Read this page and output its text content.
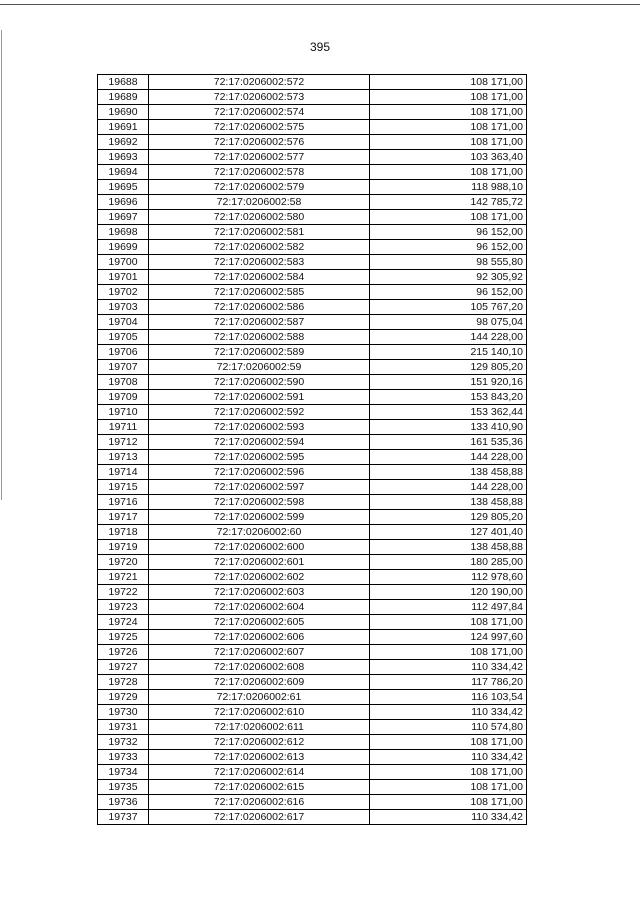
395
19688	72:17:0206002:572	108 171,00
19689	72:17:0206002:573	108 171,00
19690	72:17:0206002:574	108 171,00
19691	72:17:0206002:575	108 171,00
19692	72:17:0206002:576	108 171,00
19693	72:17:0206002:577	103 363,40
19694	72:17:0206002:578	108 171,00
19695	72:17:0206002:579	118 988,10
19696	72:17:0206002:58	142 785,72
19697	72:17:0206002:580	108 171,00
19698	72:17:0206002:581	96 152,00
19699	72:17:0206002:582	96 152,00
19700	72:17:0206002:583	98 555,80
19701	72:17:0206002:584	92 305,92
19702	72:17:0206002:585	96 152,00
19703	72:17:0206002:586	105 767,20
19704	72:17:0206002:587	98 075,04
19705	72:17:0206002:588	144 228,00
19706	72:17:0206002:589	215 140,10
19707	72:17:0206002:59	129 805,20
19708	72:17:0206002:590	151 920,16
19709	72:17:0206002:591	153 843,20
19710	72:17:0206002:592	153 362,44
19711	72:17:0206002:593	133 410,90
19712	72:17:0206002:594	161 535,36
19713	72:17:0206002:595	144 228,00
19714	72:17:0206002:596	138 458,88
19715	72:17:0206002:597	144 228,00
19716	72:17:0206002:598	138 458,88
19717	72:17:0206002:599	129 805,20
19718	72:17:0206002:60	127 401,40
19719	72:17:0206002:600	138 458,88
19720	72:17:0206002:601	180 285,00
19721	72:17:0206002:602	112 978,60
19722	72:17:0206002:603	120 190,00
19723	72:17:0206002:604	112 497,84
19724	72:17:0206002:605	108 171,00
19725	72:17:0206002:606	124 997,60
19726	72:17:0206002:607	108 171,00
19727	72:17:0206002:608	110 334,42
19728	72:17:0206002:609	117 786,20
19729	72:17:0206002:61	116 103,54
19730	72:17:0206002:610	110 334,42
19731	72:17:0206002:611	110 574,80
19732	72:17:0206002:612	108 171,00
19733	72:17:0206002:613	110 334,42
19734	72:17:0206002:614	108 171,00
19735	72:17:0206002:615	108 171,00
19736	72:17:0206002:616	108 171,00
19737	72:17:0206002:617	110 334,42
